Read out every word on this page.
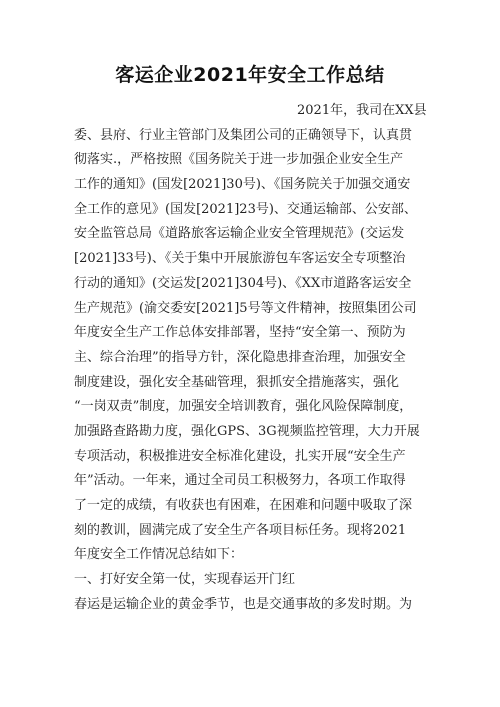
客运企业2021年安全工作总结
2021年，我司在XX县
委、县府、行业主管部门及集团公司的正确领导下，认真贯
彻落实.，严格按照《国务院关于进一步加强企业安全生产
工作的通知》(国发[2021]30号)、《国务院关于加强交通安
全工作的意见》(国发[2021]23号)、交通运输部、公安部、
安全监管总局《道路旅客运输企业安全管理规范》(交运发
[2021]33号)、《关于集中开展旅游包车客运安全专项整治
行动的通知》(交运发[2021]304号)、《XX市道路客运安全
生产规范》(渝交委安[2021]5号等文件精神，按照集团公司
年度安全生产工作总体安排部署，坚持“安全第一、预防为
主、综合治理”的指导方针，深化隐患排查治理，加强安全
制度建设，强化安全基础管理，狠抓安全措施落实，强化
“一岗双责”制度，加强安全培训教育，强化风险保障制度，
加强路查路勘力度，强化GPS、3G视频监控管理，大力开展
专项活动，积极推进安全标准化建设，扎实开展“安全生产
年”活动。一年来，通过全司员工积极努力，各项工作取得
了一定的成绩，有收获也有困难，在困难和问题中吸取了深
刻的教训，圆满完成了安全生产各项目标任务。现将2021
年度安全工作情况总结如下：
一、打好安全第一仗，实现春运开门红
春运是运输企业的黄金季节，也是交通事故的多发时期。为
